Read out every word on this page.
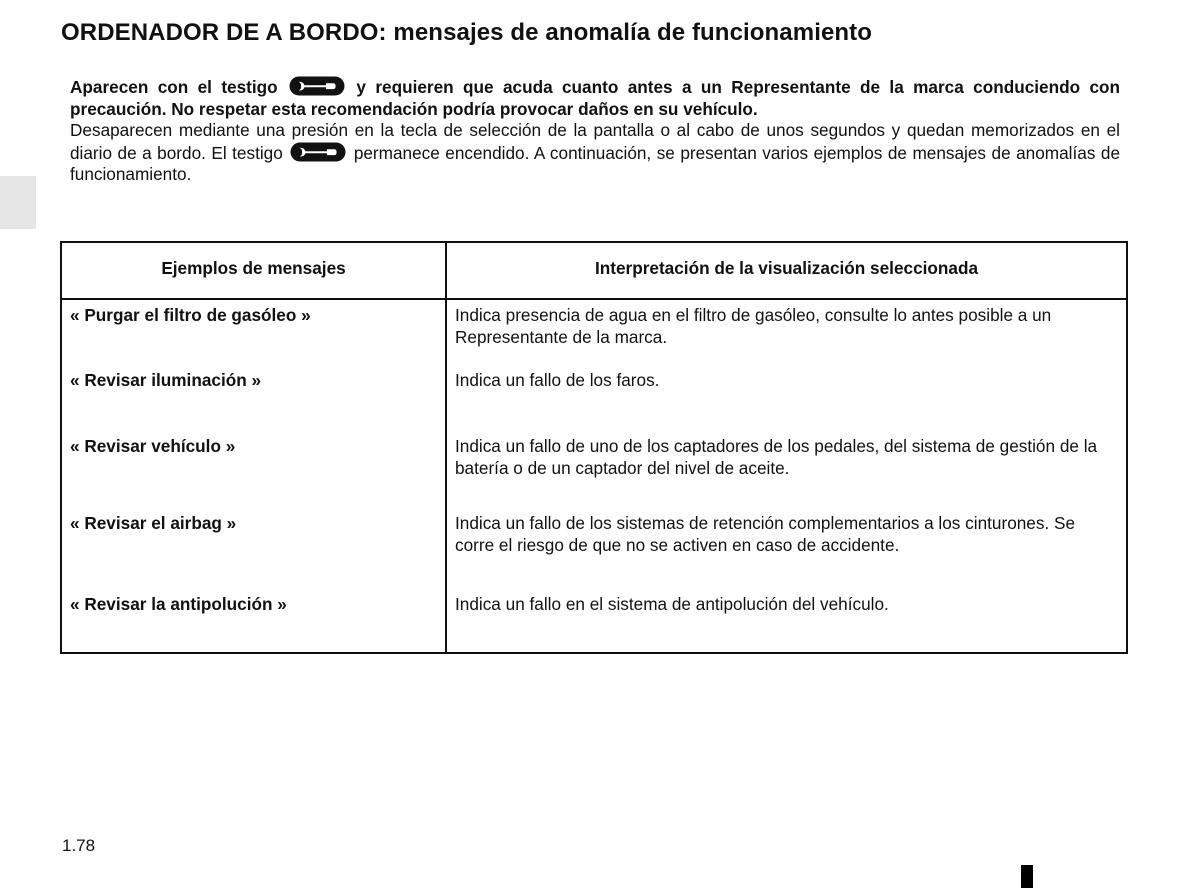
ORDENADOR DE A BORDO: mensajes de anomalía de funcionamiento

Aparecen con el testigo	y requieren que acuda cuanto antes a un Representante de la marca conduciendo con precaución. No respetar esta recomendación podría provocar daños en su vehículo.

Desaparecen mediante una presión en la tecla de selección de la pantalla o al cabo de unos segundos y quedan memorizados en el diario de a bordo. El testigo	permanece encendido. A continuación, se presentan varios ejemplos de mensajes de anomalías de funcionamiento.

Ejemplos de mensajes	Interpretación de la visualización seleccionada
« Purgar el filtro de gasóleo »	Indica presencia de agua en el filtro de gasóleo, consulte lo antes posible a un Representante de la marca.
« Revisar iluminación »	Indica un fallo de los faros.
« Revisar vehículo »	Indica un fallo de uno de los captadores de los pedales, del sistema de gestión de la batería o de un captador del nivel de aceite.
« Revisar el airbag »	Indica un fallo de los sistemas de retención complementarios a los cinturones. Se corre el riesgo de que no se activen en caso de accidente.
« Revisar la antipolución »	Indica un fallo en el sistema de antipolución del vehículo.
1.78
